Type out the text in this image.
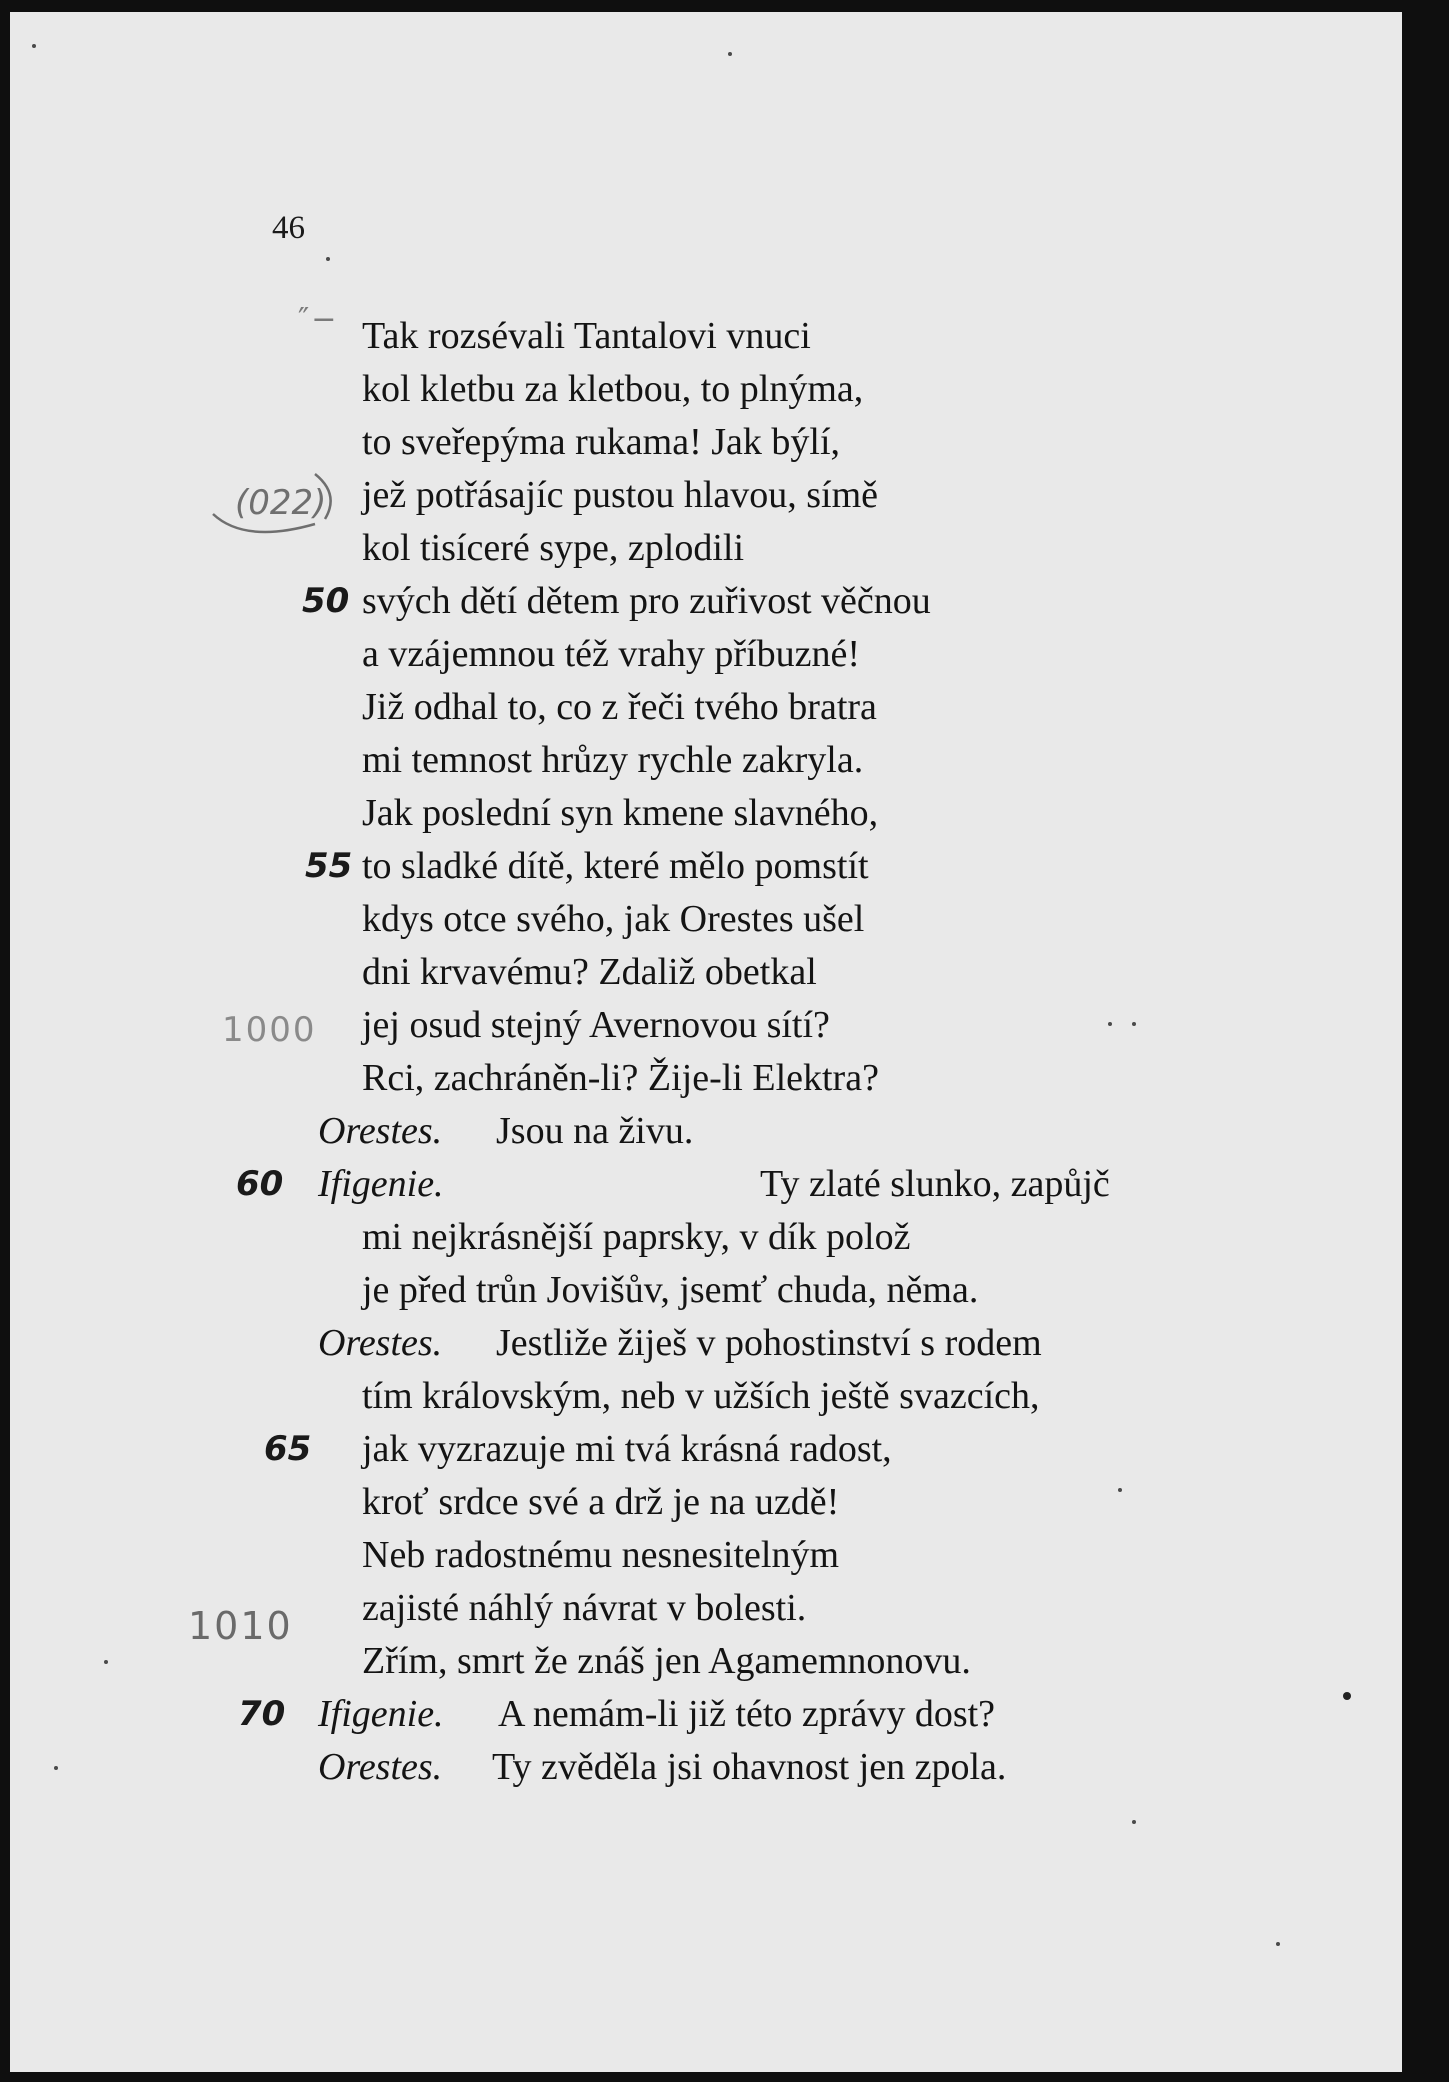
46
″−
(022)
1000
1010
Tak rozsévali Tantalovi vnuci
kol kletbu za kletbou, to plnýma,
to sveřepýma rukama! Jak býlí,
jež potřásajíc pustou hlavou, símě
kol tisíceré sype, zplodili
50 svých dětí dětem pro zuřivost věčnou
a vzájemnou též vrahy příbuzné!
Již odhal to, co z řeči tvého bratra
mi temnost hrůzy rychle zakryla.
Jak poslední syn kmene slavného,
55 to sladké dítě, které mělo pomstít
kdys otce svého, jak Orestes ušel
dni krvavému? Zdaliž obetkal
jej osud stejný Avernovou sítí?
Rci, zachráněn-li? Žije-li Elektra?
Orestes. Jsou na živu.
60 Ifigenie.	Ty zlaté slunko, zapůjč
mi nejkrásnější paprsky, v dík polož
je před trůn Jovišův, jsemť chuda, něma.
Orestes. Jestliže žiješ v pohostinství s rodem
tím královským, neb v užších ještě svazcích,
65 jak vyzrazuje mi tvá krásná radost,
kroť srdce své a drž je na uzdě!
Neb radostnému nesnesitelným
zajisté náhlý návrat v bolesti.
Zřím, smrt že znáš jen Agamemnonovu.
70 Ifigenie. A nemám-li již této zprávy dost?
Orestes. Ty zvěděla jsi ohavnost jen zpola.
